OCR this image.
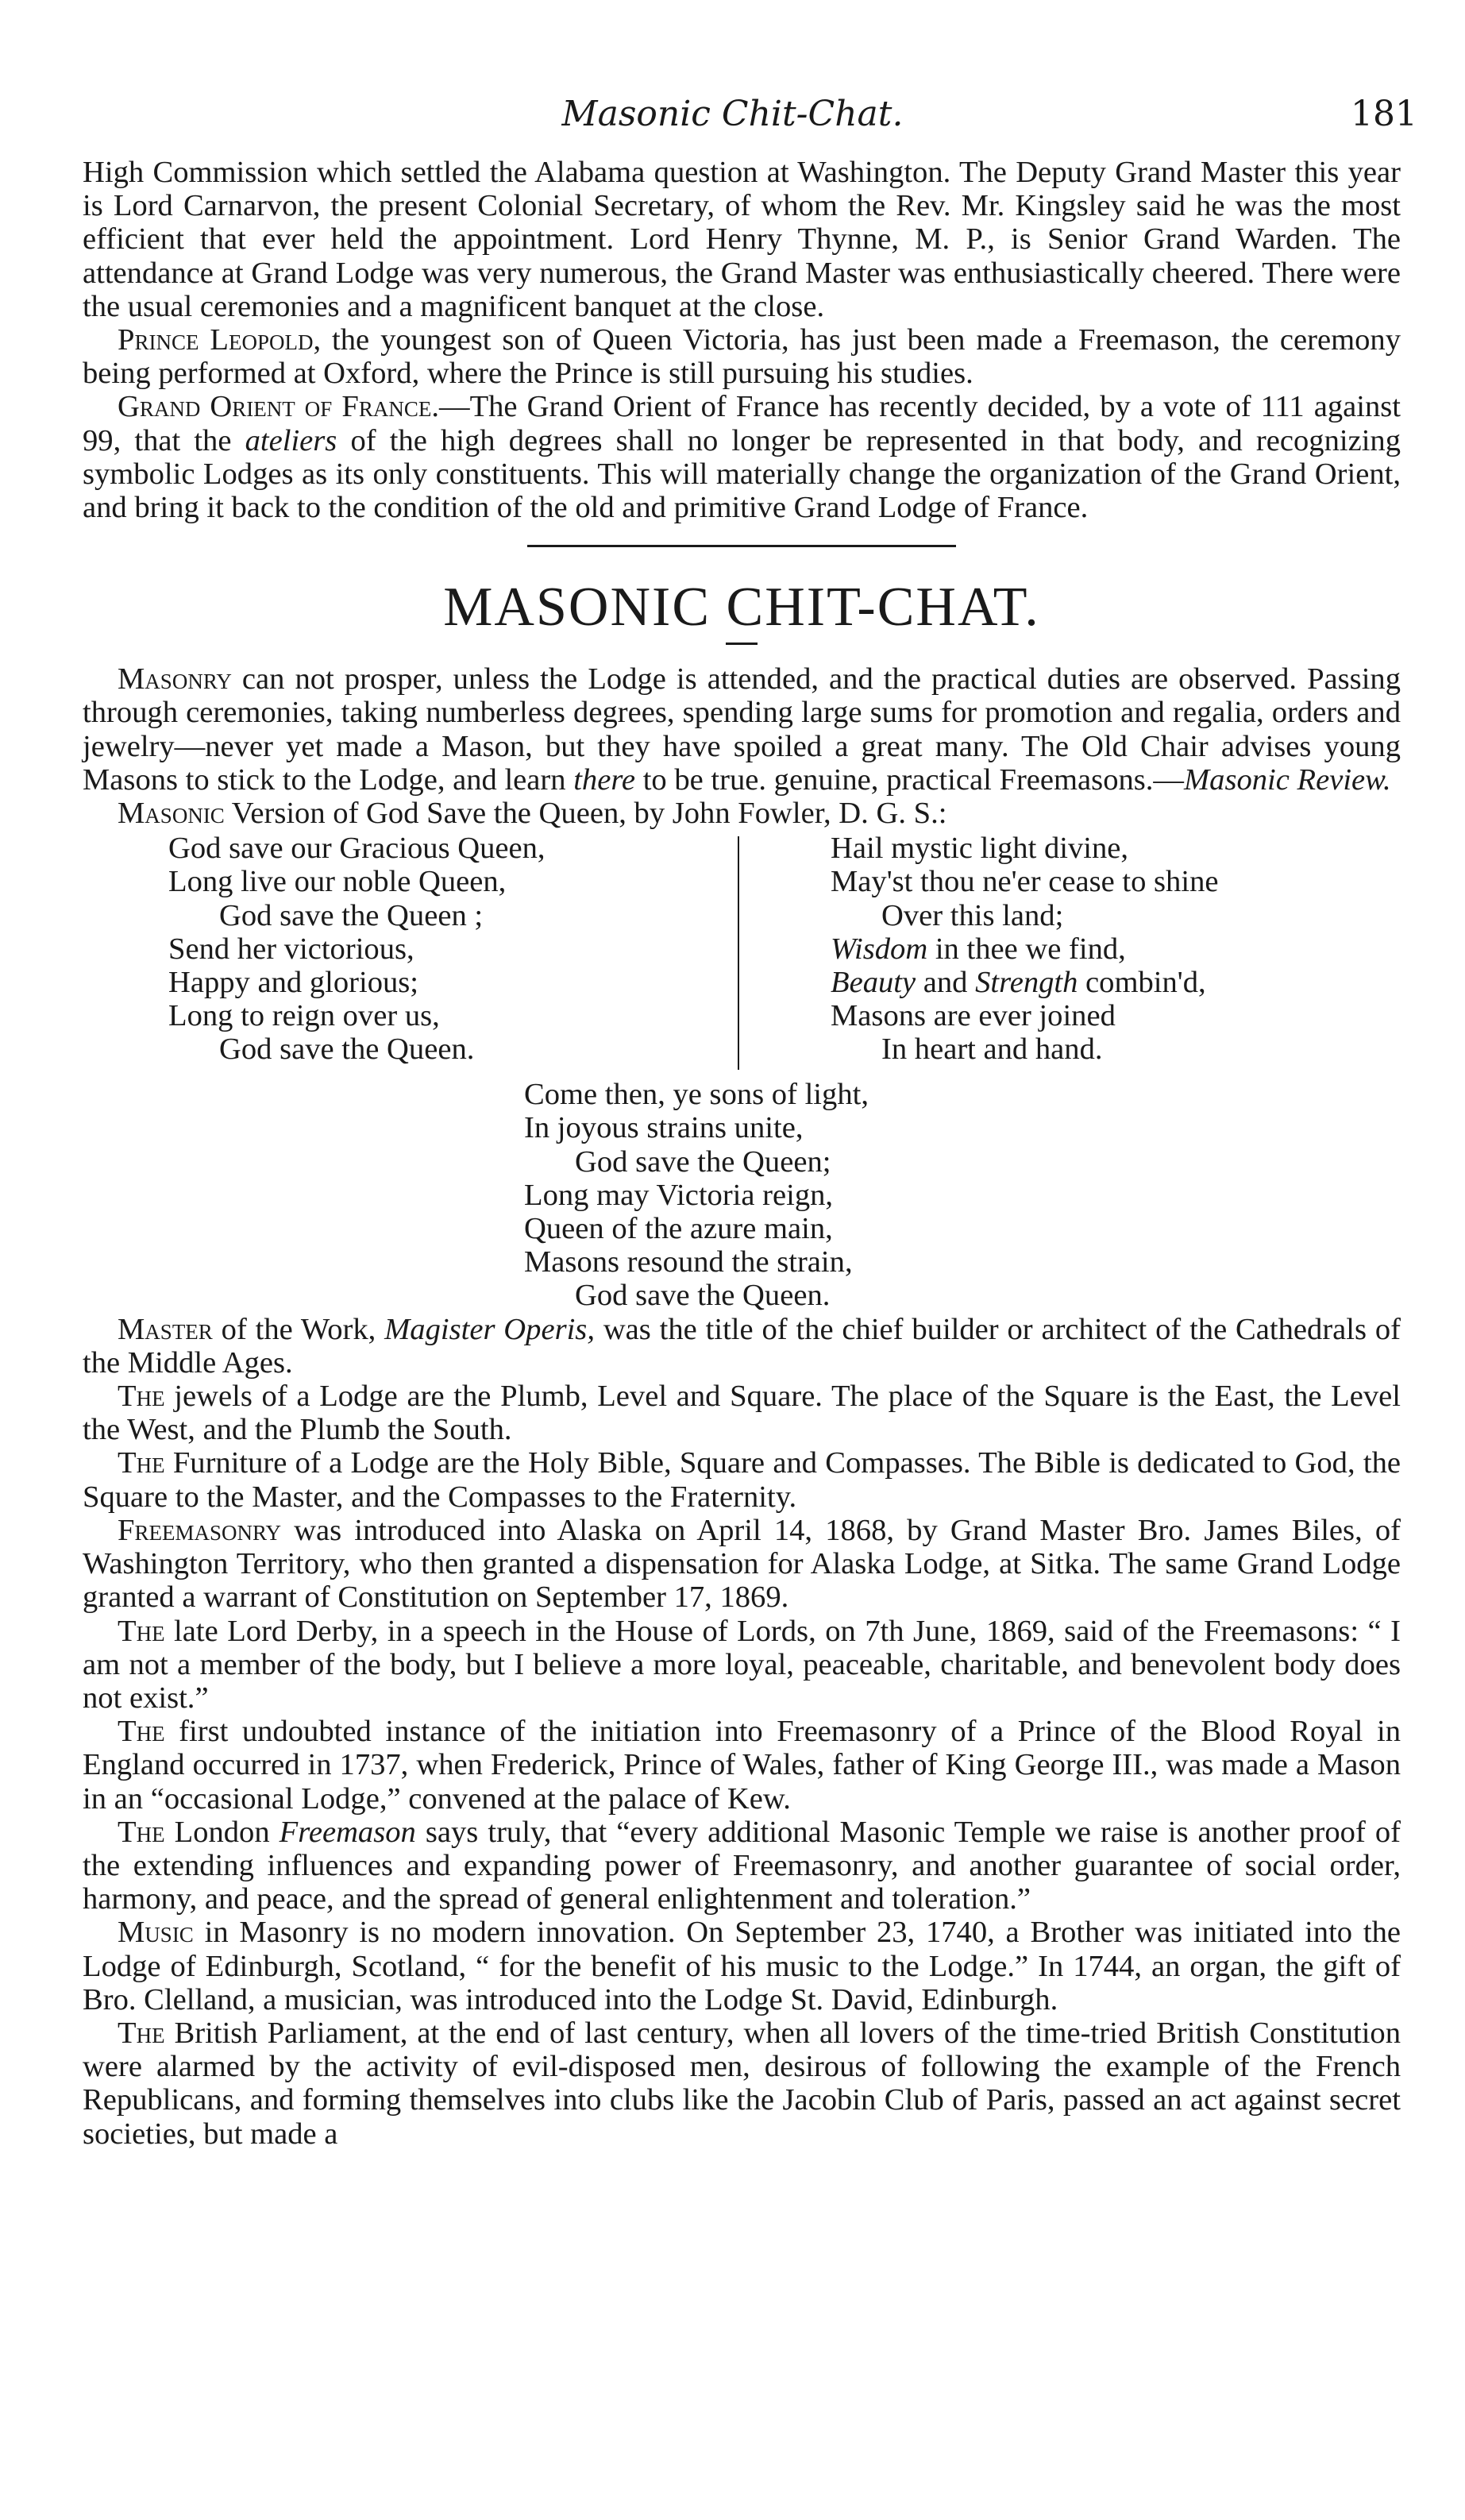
Masonic Chit-Chat.	181

High Commission which settled the Alabama question at Washington. The Deputy Grand Master this year is Lord Carnarvon, the present Colonial Secretary, of whom the Rev. Mr. Kingsley said he was the most efficient that ever held the appointment. Lord Henry Thynne, M. P., is Senior Grand Warden. The attendance at Grand Lodge was very numerous, the Grand Master was enthusiastically cheered. There were the usual ceremonies and a magnificent banquet at the close.

Prince Leopold, the youngest son of Queen Victoria, has just been made a Freemason, the ceremony being performed at Oxford, where the Prince is still pursuing his studies.

Grand Orient of France.—The Grand Orient of France has recently decided, by a vote of 111 against 99, that the ateliers of the high degrees shall no longer be represented in that body, and recognizing symbolic Lodges as its only constituents. This will materially change the organization of the Grand Orient, and bring it back to the condition of the old and primitive Grand Lodge of France.

MASONIC CHIT-CHAT.

Masonry can not prosper, unless the Lodge is attended, and the practical duties are observed. Passing through ceremonies, taking numberless degrees, spending large sums for promotion and regalia, orders and jewelry—never yet made a Mason, but they have spoiled a great many. The Old Chair advises young Masons to stick to the Lodge, and learn there to be true. genuine, practical Freemasons.—Masonic Review.

Masonic Version of God Save the Queen, by John Fowler, D. G. S.:

God save our Gracious Queen,
Long live our noble Queen,
God save the Queen ;
Send her victorious,
Happy and glorious;
Long to reign over us,
God save the Queen.
Hail mystic light divine,
May'st thou ne'er cease to shine
Over this land;
Wisdom in thee we find,
Beauty and Strength combin'd,
Masons are ever joined
In heart and hand.
Come then, ye sons of light,
In joyous strains unite,
God save the Queen;
Long may Victoria reign,
Queen of the azure main,
Masons resound the strain,
God save the Queen.

Master of the Work, Magister Operis, was the title of the chief builder or architect of the Cathedrals of the Middle Ages.

The jewels of a Lodge are the Plumb, Level and Square. The place of the Square is the East, the Level the West, and the Plumb the South.

The Furniture of a Lodge are the Holy Bible, Square and Compasses. The Bible is dedicated to God, the Square to the Master, and the Compasses to the Fraternity.

Freemasonry was introduced into Alaska on April 14, 1868, by Grand Master Bro. James Biles, of Washington Territory, who then granted a dispensation for Alaska Lodge, at Sitka. The same Grand Lodge granted a warrant of Constitution on September 17, 1869.

The late Lord Derby, in a speech in the House of Lords, on 7th June, 1869, said of the Freemasons: “ I am not a member of the body, but I believe a more loyal, peaceable, charitable, and benevolent body does not exist.”

The first undoubted instance of the initiation into Freemasonry of a Prince of the Blood Royal in England occurred in 1737, when Frederick, Prince of Wales, father of King George III., was made a Mason in an “occasional Lodge,” convened at the palace of Kew.

The London Freemason says truly, that “every additional Masonic Temple we raise is another proof of the extending influences and expanding power of Freemasonry, and another guarantee of social order, harmony, and peace, and the spread of general enlightenment and toleration.”

Music in Masonry is no modern innovation. On September 23, 1740, a Brother was initiated into the Lodge of Edinburgh, Scotland, “ for the benefit of his music to the Lodge.” In 1744, an organ, the gift of Bro. Clelland, a musician, was introduced into the Lodge St. David, Edinburgh.

The British Parliament, at the end of last century, when all lovers of the time-tried British Constitution were alarmed by the activity of evil-disposed men, desirous of following the example of the French Republicans, and forming themselves into clubs like the Jacobin Club of Paris, passed an act against secret societies, but made a
